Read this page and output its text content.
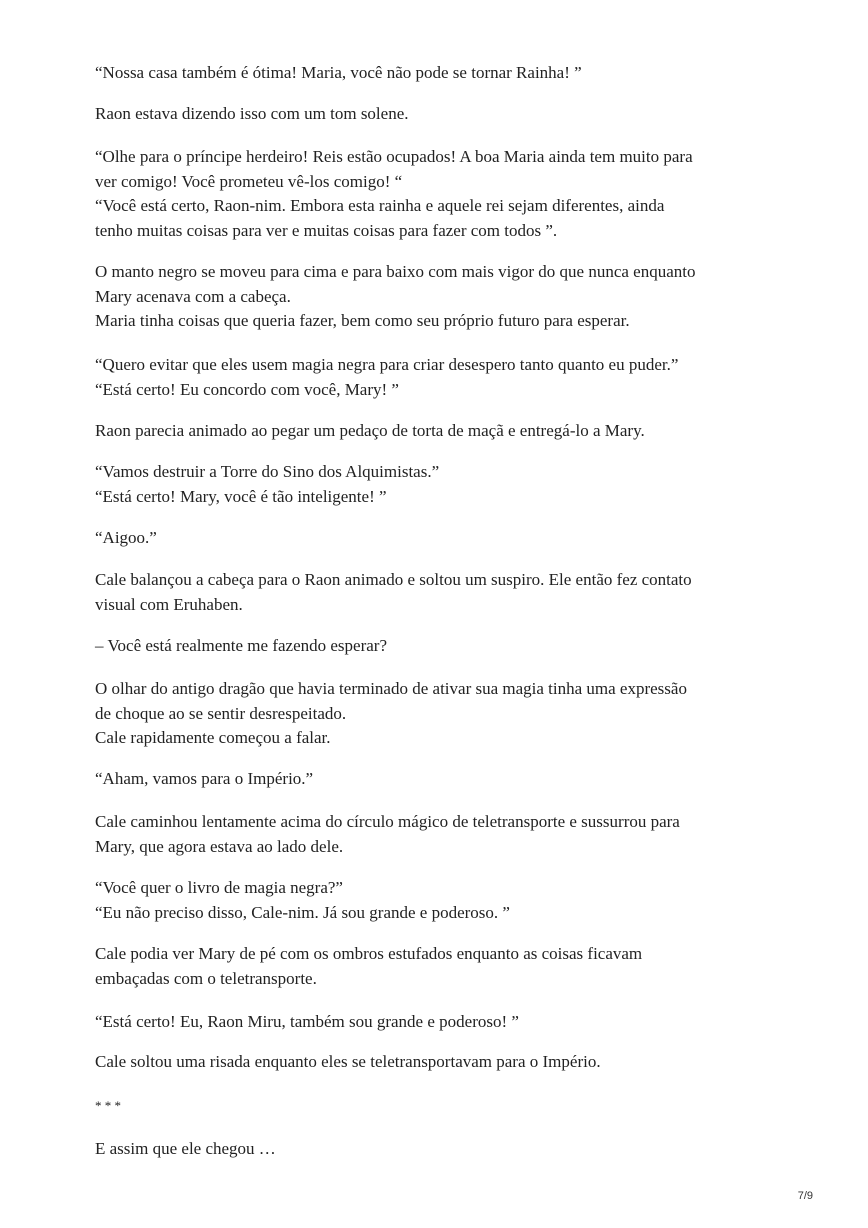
“Nossa casa também é ótima! Maria, você não pode se tornar Rainha! ”

Raon estava dizendo isso com um tom solene.

“Olhe para o príncipe herdeiro! Reis estão ocupados! A boa Maria ainda tem muito para
ver comigo! Você prometeu vê-los comigo! “
“Você está certo, Raon-nim. Embora esta rainha e aquele rei sejam diferentes, ainda
tenho muitas coisas para ver e muitas coisas para fazer com todos ”.

O manto negro se moveu para cima e para baixo com mais vigor do que nunca enquanto
Mary acenava com a cabeça.
Maria tinha coisas que queria fazer, bem como seu próprio futuro para esperar.

“Quero evitar que eles usem magia negra para criar desespero tanto quanto eu puder.”
“Está certo! Eu concordo com você, Mary! ”

Raon parecia animado ao pegar um pedaço de torta de maçã e entregá-lo a Mary.

“Vamos destruir a Torre do Sino dos Alquimistas.”
“Está certo! Mary, você é tão inteligente! ”

“Aigoo.”

Cale balançou a cabeça para o Raon animado e soltou um suspiro. Ele então fez contato
visual com Eruhaben.

– Você está realmente me fazendo esperar?

O olhar do antigo dragão que havia terminado de ativar sua magia tinha uma expressão
de choque ao se sentir desrespeitado.
Cale rapidamente começou a falar.

“Aham, vamos para o Império.”

Cale caminhou lentamente acima do círculo mágico de teletransporte e sussurrou para
Mary, que agora estava ao lado dele.

“Você quer o livro de magia negra?”
“Eu não preciso disso, Cale-nim. Já sou grande e poderoso. ”

Cale podia ver Mary de pé com os ombros estufados enquanto as coisas ficavam
embaçadas com o teletransporte.

“Está certo! Eu, Raon Miru, também sou grande e poderoso! ”

Cale soltou uma risada enquanto eles se teletransportavam para o Império.

* * *

E assim que ele chegou …

7/9
